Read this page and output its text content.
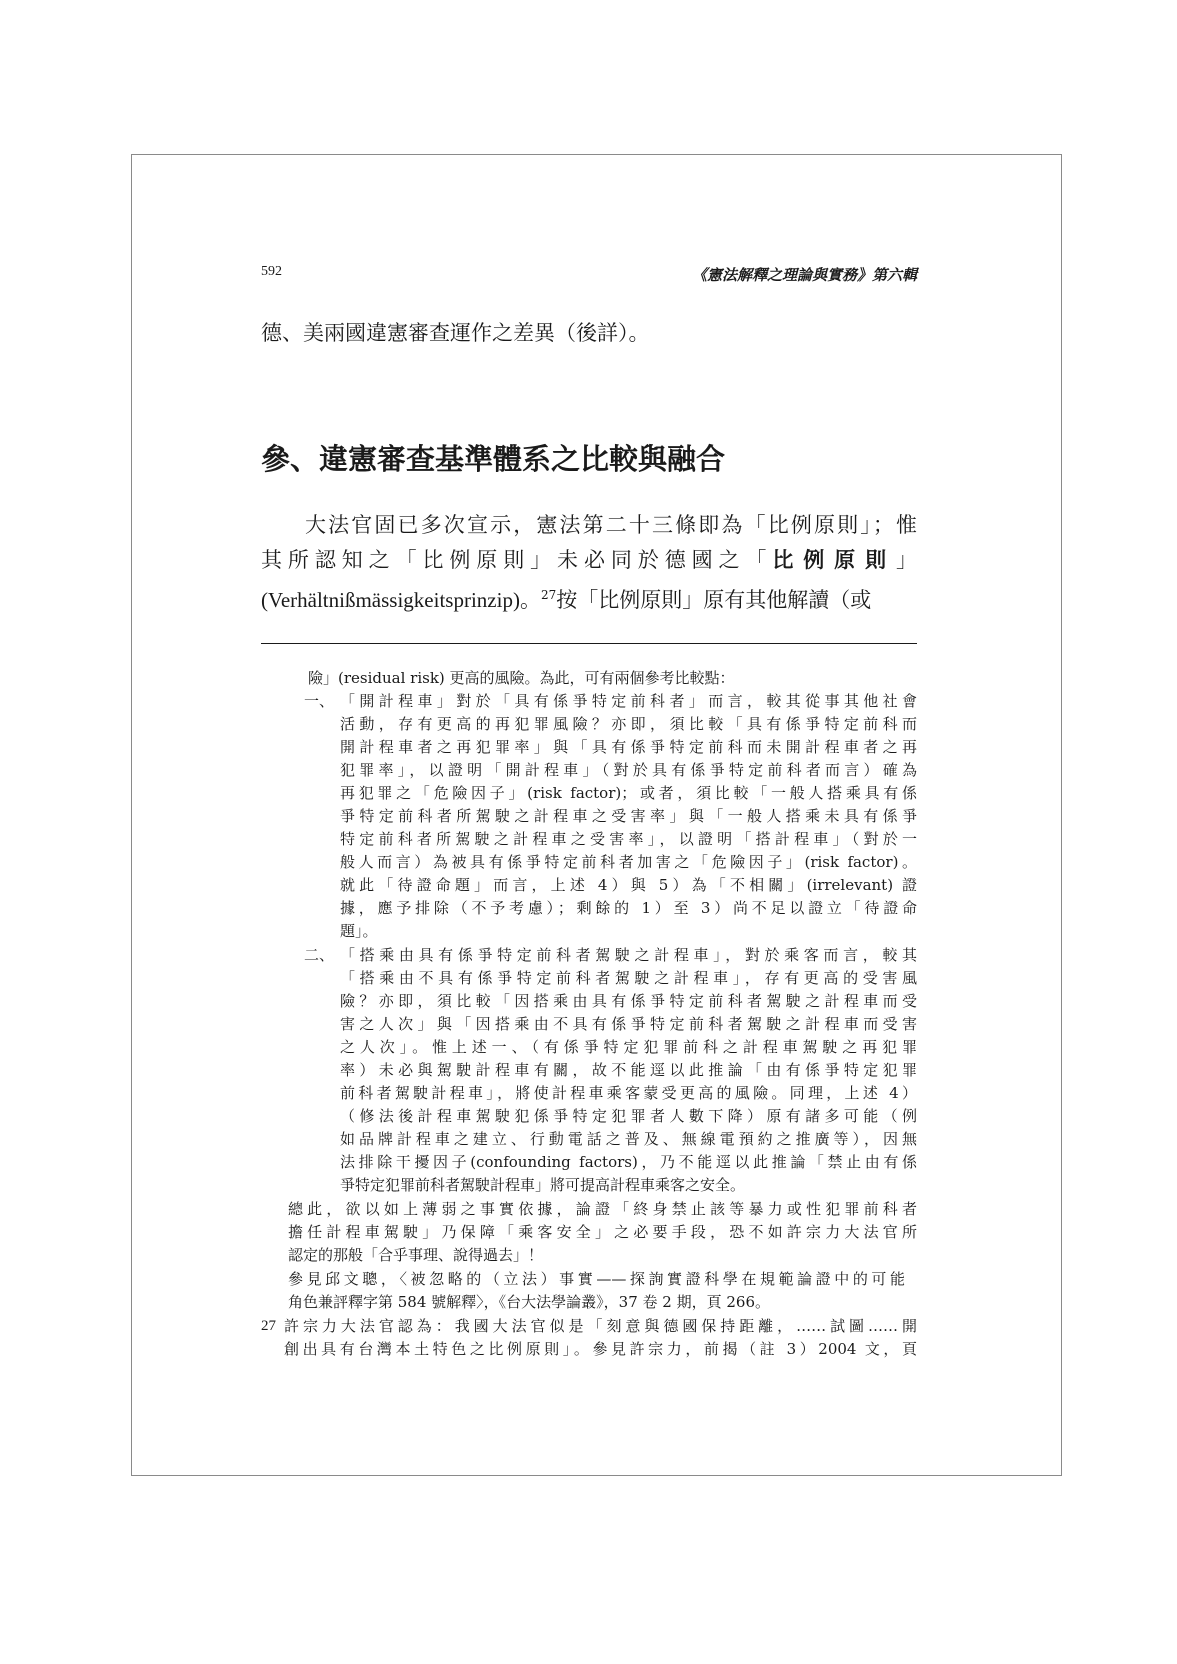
592	《憲法解釋之理論與實務》第六輯
德、美兩國違憲審查運作之差異（後詳）。
參、違憲審查基準體系之比較與融合
大法官固已多次宣示，憲法第二十三條即為「比例原則」；惟
其所認知之「比例原則」未必同於德國之「比例原則」
(Verhältnißmässigkeitsprinzip)。$^{27}$按「比例原則」原有其他解讀（或
險」(residual risk) 更高的風險。為此，可有兩個參考比較點：
一、 「開計程車」對於「具有係爭特定前科者」而言，較其從事其他社會
活動，存有更高的再犯罪風險？亦即，須比較「具有係爭特定前科而
開計程車者之再犯罪率」與「具有係爭特定前科而未開計程車者之再
犯罪率」，以證明「開計程車」（對於具有係爭特定前科者而言）確為
再犯罪之「危險因子」(risk factor)；或者，須比較「一般人搭乘具有係
爭特定前科者所駕駛之計程車之受害率」與「一般人搭乘未具有係爭
特定前科者所駕駛之計程車之受害率」，以證明「搭計程車」（對於一
般人而言）為被具有係爭特定前科者加害之「危險因子」(risk factor)。
就此「待證命題」而言，上述 4）與 5）為「不相關」(irrelevant) 證
據，應予排除（不予考慮）；剩餘的 1）至 3）尚不足以證立「待證命
題」。
二、 「搭乘由具有係爭特定前科者駕駛之計程車」，對於乘客而言，較其
「搭乘由不具有係爭特定前科者駕駛之計程車」，存有更高的受害風
險？亦即，須比較「因搭乘由具有係爭特定前科者駕駛之計程車而受
害之人次」與「因搭乘由不具有係爭特定前科者駕駛之計程車而受害
之人次」。惟上述一、（有係爭特定犯罪前科之計程車駕駛之再犯罪
率）未必與駕駛計程車有關，故不能逕以此推論「由有係爭特定犯罪
前科者駕駛計程車」，將使計程車乘客蒙受更高的風險。同理，上述 4）
（修法後計程車駕駛犯係爭特定犯罪者人數下降）原有諸多可能（例
如品牌計程車之建立、行動電話之普及、無線電預約之推廣等），因無
法排除干擾因子(confounding factors)，乃不能逕以此推論「禁止由有係
爭特定犯罪前科者駕駛計程車」將可提高計程車乘客之安全。
總此，欲以如上薄弱之事實依據，論證「終身禁止該等暴力或性犯罪前科者
擔任計程車駕駛」乃保障「乘客安全」之必要手段，恐不如許宗力大法官所
認定的那般「合乎事理、說得過去」！
參見邱文聰，〈被忽略的（立法）事實——探詢實證科學在規範論證中的可能
角色兼評釋字第 584 號解釋〉，《台大法學論叢》，37 卷 2 期，頁 266。
27 許宗力大法官認為：我國大法官似是「刻意與德國保持距離，……試圖……開
創出具有台灣本土特色之比例原則」。參見許宗力，前揭（註 3）2004 文，頁
